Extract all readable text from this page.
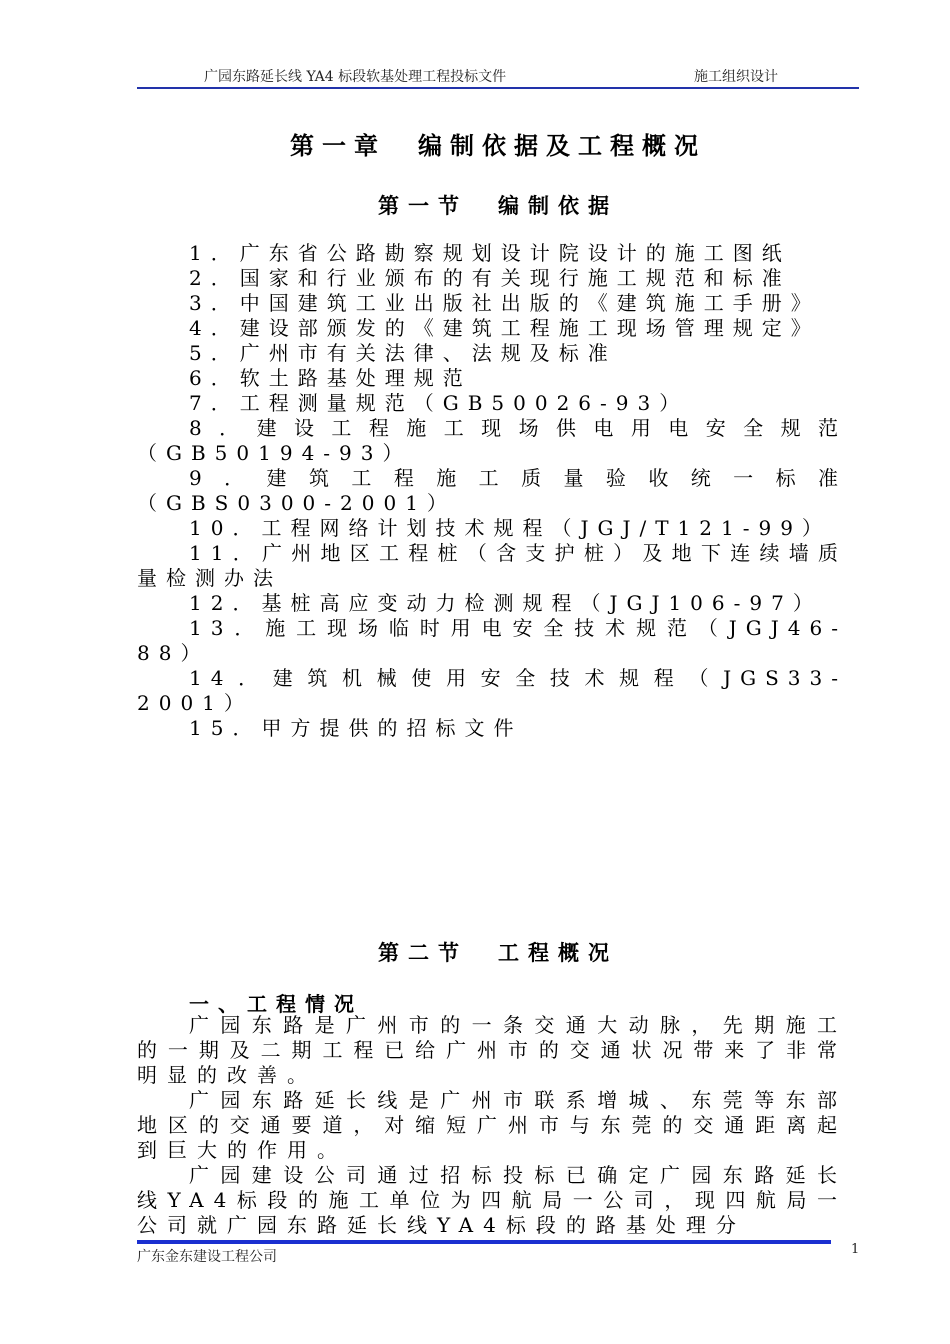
广园东路延长线 YA4 标段软基处理工程投标文件	施工组织设计
第一章　编制依据及工程概况
第一节　编制依据

1．广东省公路勘察规划设计院设计的施工图纸

2．国家和行业颁布的有关现行施工规范和标准

3．中国建筑工业出版社出版的《建筑施工手册》

4．建设部颁发的《建筑工程施工现场管理规定》

5．广州市有关法律、法规及标准

6．软土路基处理规范

7．工程测量规范（GB50026-93）

8．建设工程施工现场供电用电安全规范（GB50194-93）

9．建筑工程施工质量验收统一标准（GBS0300-2001）

10．工程网络计划技术规程（JGJ/T121-99）

11．广州地区工程桩（含支护桩）及地下连续墙质量检测办法

12．基桩高应变动力检测规程（JGJ106-97）

13．施工现场临时用电安全技术规范（JGJ46-88）

14．建筑机械使用安全技术规程（JGS33-2001）

15．甲方提供的招标文件

第二节　工程概况
一、工程情况

广园东路是广州市的一条交通大动脉，先期施工的一期及二期工程已给广州市的交通状况带来了非常明显的改善。

广园东路延长线是广州市联系增城、东莞等东部地区的交通要道，对缩短广州市与东莞的交通距离起到巨大的作用。

广园建设公司通过招标投标已确定广园东路延长线YA4标段的施工单位为四航局一公司，现四航局一公司就广园东路延长线YA4标段的路基处理分

广东金东建设工程公司	1
